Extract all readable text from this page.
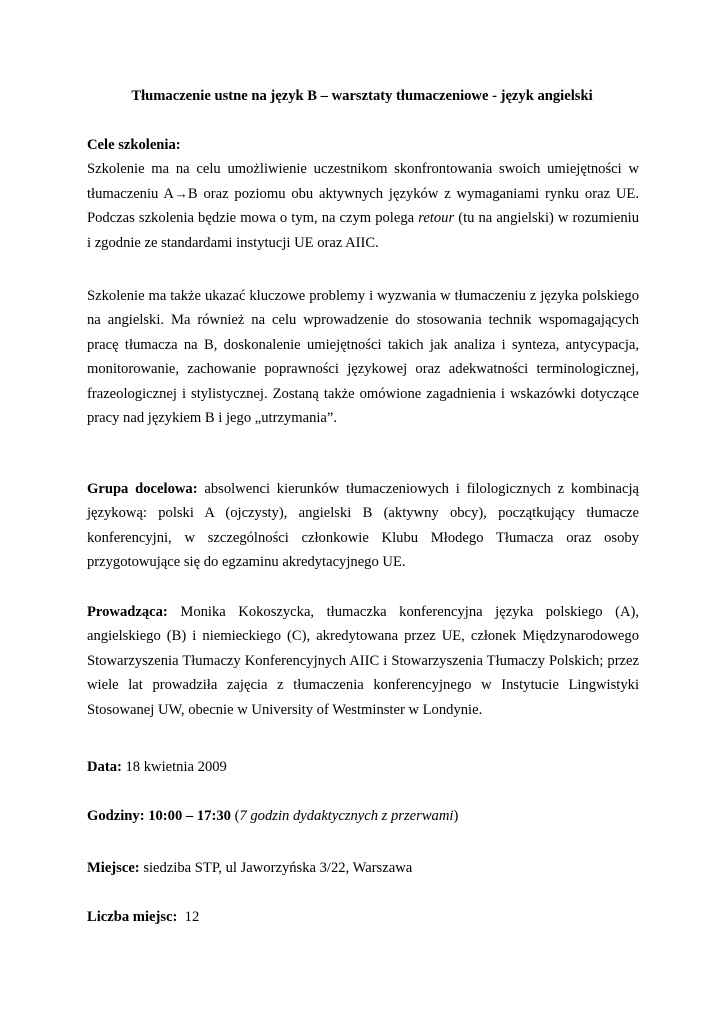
Tłumaczenie ustne na język B – warsztaty tłumaczeniowe - język angielski
Cele szkolenia:
Szkolenie ma na celu umożliwienie uczestnikom skonfrontowania swoich umiejętności w tłumaczeniu A→B oraz poziomu obu aktywnych języków z wymaganiami rynku oraz UE. Podczas szkolenia będzie mowa o tym, na czym polega retour (tu na angielski) w rozumieniu i zgodnie ze standardami instytucji UE oraz AIIC.
Szkolenie ma także ukazać kluczowe problemy i wyzwania w tłumaczeniu z języka polskiego na angielski. Ma również na celu wprowadzenie do stosowania technik wspomagających pracę tłumacza na B, doskonalenie umiejętności takich jak analiza i synteza, antycypacja, monitorowanie, zachowanie poprawności językowej oraz adekwatności terminologicznej, frazeologicznej i stylistycznej. Zostaną także omówione zagadnienia i wskazówki dotyczące pracy nad językiem B i jego „utrzymania”.
Grupa docelowa: absolwenci kierunków tłumaczeniowych i filologicznych z kombinacją językową: polski A (ojczysty), angielski B (aktywny obcy), początkujący tłumacze konferencyjni, w szczególności członkowie Klubu Młodego Tłumacza oraz osoby przygotowujące się do egzaminu akredytacyjnego UE.
Prowadząca: Monika Kokoszycka, tłumaczka konferencyjna języka polskiego (A), angielskiego (B) i niemieckiego (C), akredytowana przez UE, członek Międzynarodowego Stowarzyszenia Tłumaczy Konferencyjnych AIIC i Stowarzyszenia Tłumaczy Polskich; przez wiele lat prowadziła zajęcia z tłumaczenia konferencyjnego w Instytucie Lingwistyki Stosowanej UW, obecnie w University of Westminster w Londynie.
Data: 18 kwietnia 2009
Godziny: 10:00 – 17:30 (7 godzin dydaktycznych z przerwami)
Miejsce: siedziba STP, ul Jaworzyńska 3/22, Warszawa
Liczba miejsc:  12
